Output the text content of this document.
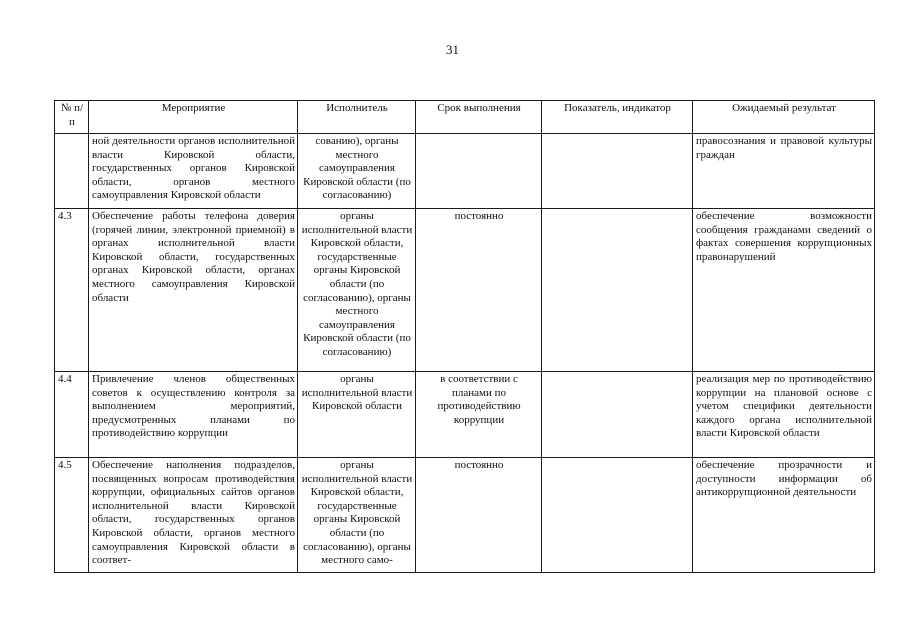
31
№ п/п	Мероприятие	Исполнитель	Срок выполнения	Показатель, индикатор	Ожидаемый результат
	ной деятельности органов исполнительной власти Кировской области, государственных органов Кировской области, органов местного самоуправления Кировской области	сованию), органы местного самоуправления Кировской области (по согласованию)			правосознания и правовой культуры граждан
4.3	Обеспечение работы телефона доверия (горячей линии, электронной приемной) в органах исполнительной власти Кировской области, государственных органах Кировской области, органах местного самоуправления Кировской области	органы исполнительной власти Кировской области, государственные органы Кировской области (по согласованию), органы местного самоуправления Кировской области (по согласованию)	постоянно		обеспечение возможности сообщения гражданами сведений о фактах совершения коррупционных правонарушений
4.4	Привлечение членов общественных советов к осуществлению контроля за выполнением мероприятий, предусмотренных планами по противодействию коррупции	органы исполнительной власти Кировской области	в соответствии с планами по противодействию коррупции		реализация мер по противодействию коррупции на плановой основе с учетом специфики деятельности каждого органа исполнительной власти Кировской области
4.5	Обеспечение наполнения подразделов, посвященных вопросам противодействия коррупции, официальных сайтов органов исполнительной власти Кировской области, государственных органов Кировской области, органов местного самоуправления Кировской области в соответ-	органы исполнительной власти Кировской области, государственные органы Кировской области (по согласованию), органы местного само-	постоянно		обеспечение прозрачности и доступности информации об антикоррупционной деятельности
